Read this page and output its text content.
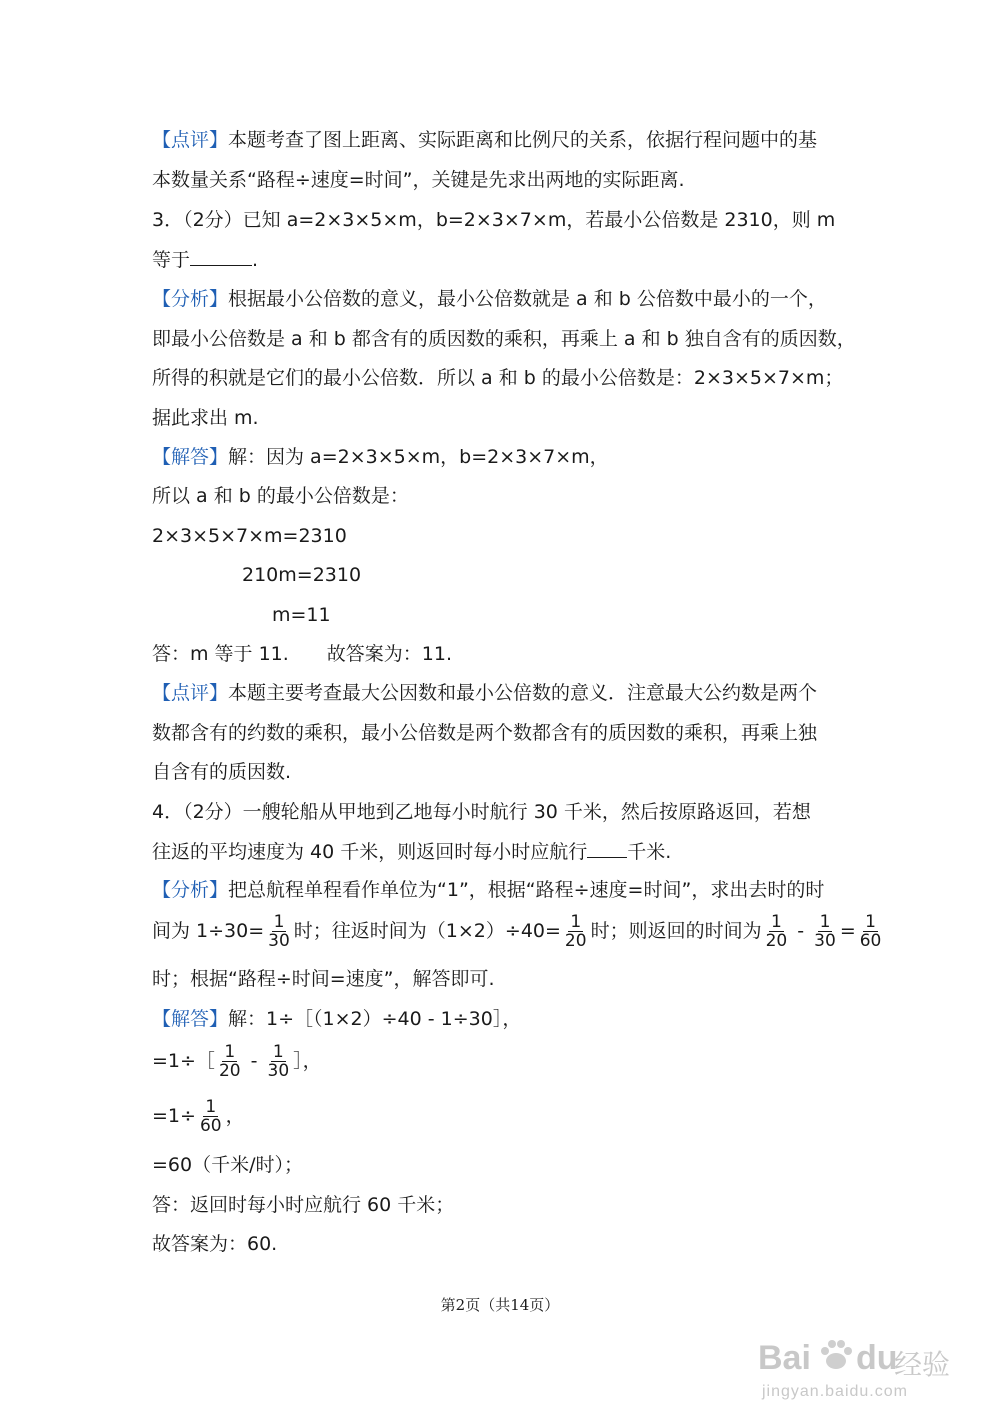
【点评】本题考查了图上距离、实际距离和比例尺的关系，依据行程问题中的基
本数量关系“路程÷速度=时间”，关键是先求出两地的实际距离.
3．（2分）已知 a=2×3×5×m，b=2×3×7×m，若最小公倍数是 2310，则 m
等于	.
【分析】根据最小公倍数的意义，最小公倍数就是 a 和 b 公倍数中最小的一个，
即最小公倍数是 a 和 b 都含有的质因数的乘积，再乘上 a 和 b 独自含有的质因数，
所得的积就是它们的最小公倍数．所以 a 和 b 的最小公倍数是：2×3×5×7×m；
据此求出 m.
【解答】解：因为 a=2×3×5×m，b=2×3×7×m，
所以 a 和 b 的最小公倍数是：
2×3×5×7×m=2310
210m=2310
m=11
答：m 等于 11.　　故答案为：11.
【点评】本题主要考查最大公因数和最小公倍数的意义．注意最大公约数是两个
数都含有的约数的乘积，最小公倍数是两个数都含有的质因数的乘积，再乘上独
自含有的质因数.
4．（2分）一艘轮船从甲地到乙地每小时航行 30 千米，然后按原路返回，若想
往返的平均速度为 40 千米，则返回时每小时应航行 千米.
【分析】把总航程单程看作单位为“1”，根据“路程÷速度=时间”，求出去时的时
间为 $1\div 30= \frac{1}{30}$ 时；往返时间为$(1\times 2)\div 40= \frac{1}{20}$ 时；则返回的时间为 $\frac{1}{20} - \frac{1}{30} = \frac{1}{60}$
时；根据“路程÷时间=速度”，解答即可.
【解答】解：1÷［（1×2）÷40 - 1÷30］，
=1÷［ $\frac{1}{20} - \frac{1}{30}$ ］，
$=1\div \frac{1}{60}$ ，
=60（千米/时）；
答：返回时每小时应航行 60 千米；
故答案为：60.
第2页（共14页）
Bai du
经验
jingyan.baidu.com
